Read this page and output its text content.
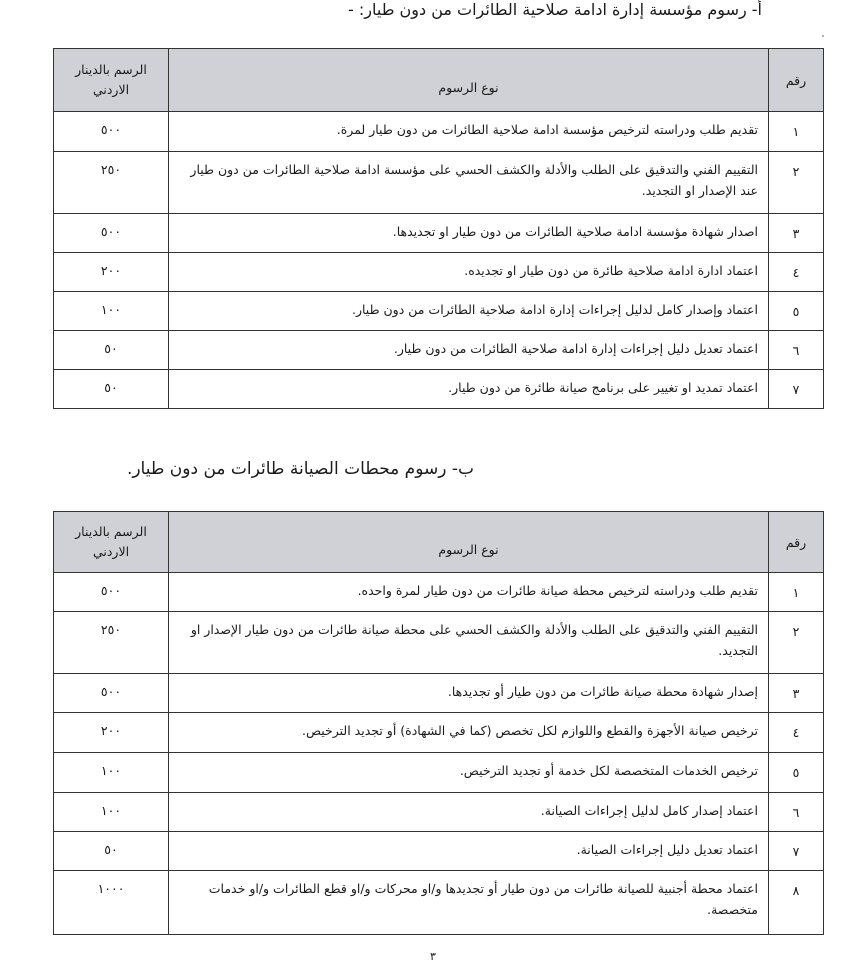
أ- رسوم مؤسسة إدارة ادامة صلاحية الطائرات من دون طيار: -
رقم	نوع الرسوم	الرسم بالدينار الاردني
١	تقديم طلب ودراسته لترخيص مؤسسة ادامة صلاحية الطائرات من دون طيار لمرة.	٥٠٠
٢	التقييم الفني والتدقيق على الطلب والأدلة والكشف الحسي على مؤسسة ادامة صلاحية الطائرات من دون طيار عند الإصدار او التجديد.	٢٥٠
٣	اصدار شهادة مؤسسة ادامة صلاحية الطائرات من دون طيار او تجديدها.	٥٠٠
٤	اعتماد ادارة ادامة صلاحية طائرة من دون طيار او تجديده.	٢٠٠
٥	اعتماد وإصدار كامل لدليل إجراءات إدارة ادامة صلاحية الطائرات من دون طيار.	١٠٠
٦	اعتماد تعديل دليل إجراءات إدارة ادامة صلاحية الطائرات من دون طيار.	٥٠
٧	اعتماد تمديد او تغيير على برنامج صيانة طائرة من دون طيار.	٥٠
ب- رسوم محطات الصيانة طائرات من دون طيار.
رقم	نوع الرسوم	الرسم بالدينار الاردني
١	تقديم طلب ودراسته لترخيص محطة صيانة طائرات من دون طيار لمرة واحده.	٥٠٠
٢	التقييم الفني والتدقيق على الطلب والأدلة والكشف الحسي على محطة صيانة طائرات من دون طيار الإصدار او التجديد.	٢٥٠
٣	إصدار شهادة محطة صيانة طائرات من دون طيار أو تجديدها.	٥٠٠
٤	ترخيص صيانة الأجهزة والقطع واللوازم لكل تخصص (كما في الشهادة) أو تجديد الترخيص.	٢٠٠
٥	ترخيص الخدمات المتخصصة لكل خدمة أو تجديد الترخيص.	١٠٠
٦	اعتماد إصدار كامل لدليل إجراءات الصيانة.	١٠٠
٧	اعتماد تعديل دليل إجراءات الصيانة.	٥٠
٨	اعتماد محطة أجنبية للصيانة طائرات من دون طيار أو تجديدها و/او محركات و/او قطع الطائرات و/او خدمات متخصصة.	١٠٠٠
٣
